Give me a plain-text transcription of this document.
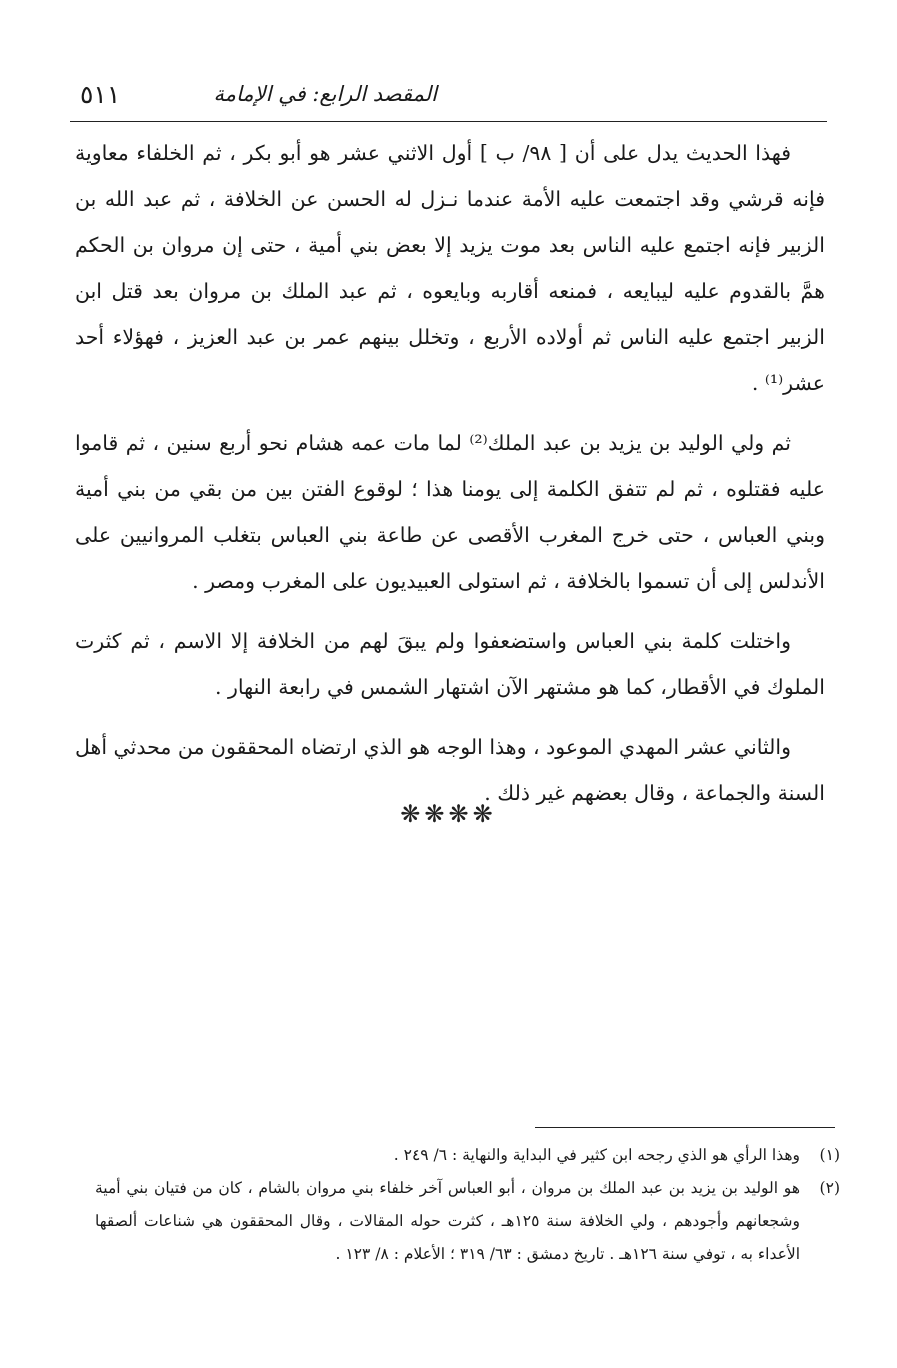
المقصد الرابع: في الإمامة
٥١١

فهذا الحديث يدل على أن [ ٩٨/ ب ] أول الاثني عشر هو أبو بكر ، ثم الخلفاء معاوية فإنه قرشي وقد اجتمعت عليه الأمة عندما نـزل له الحسن عن الخلافة ، ثم عبد الله بن الزبير فإنه اجتمع عليه الناس بعد موت يزيد إلا بعض بني أمية ، حتى إن مروان بن الحكم همَّ بالقدوم عليه ليبايعه ، فمنعه أقاربه وبايعوه ، ثم عبد الملك بن مروان بعد قتل ابن الزبير اجتمع عليه الناس ثم أولاده الأربع ، وتخلل بينهم عمر بن عبد العزيز ، فهؤلاء أحد عشر⁽¹⁾ .

ثم ولي الوليد بن يزيد بن عبد الملك⁽²⁾ لما مات عمه هشام نحو أربع سنين ، ثم قاموا عليه فقتلوه ، ثم لم تتفق الكلمة إلى يومنا هذا ؛ لوقوع الفتن بين من بقي من بني أمية وبني العباس ، حتى خرج المغرب الأقصى عن طاعة بني العباس بتغلب المروانيين على الأندلس إلى أن تسموا بالخلافة ، ثم استولى العبيديون على المغرب ومصر .

واختلت كلمة بني العباس واستضعفوا ولم يبقَ لهم من الخلافة إلا الاسم ، ثم كثرت الملوك في الأقطار، كما هو مشتهر الآن اشتهار الشمس في رابعة النهار .

والثاني عشر المهدي الموعود ، وهذا الوجه هو الذي ارتضاه المحققون من محدثي أهل السنة والجماعة ، وقال بعضهم غير ذلك .

❋❋❋❋

(١)
وهذا الرأي هو الذي رجحه ابن كثير في البداية والنهاية : ٦/ ٢٤٩ .

(٢)
هو الوليد بن يزيد بن عبد الملك بن مروان ، أبو العباس آخر خلفاء بني مروان بالشام ، كان من فتيان بني أمية وشجعانهم وأجودهم ، ولي الخلافة سنة ١٢٥هـ ، كثرت حوله المقالات ، وقال المحققون هي شناعات ألصقها الأعداء به ، توفي سنة ١٢٦هـ . تاريخ دمشق : ٦٣/ ٣١٩ ؛ الأعلام : ٨/ ١٢٣ .
